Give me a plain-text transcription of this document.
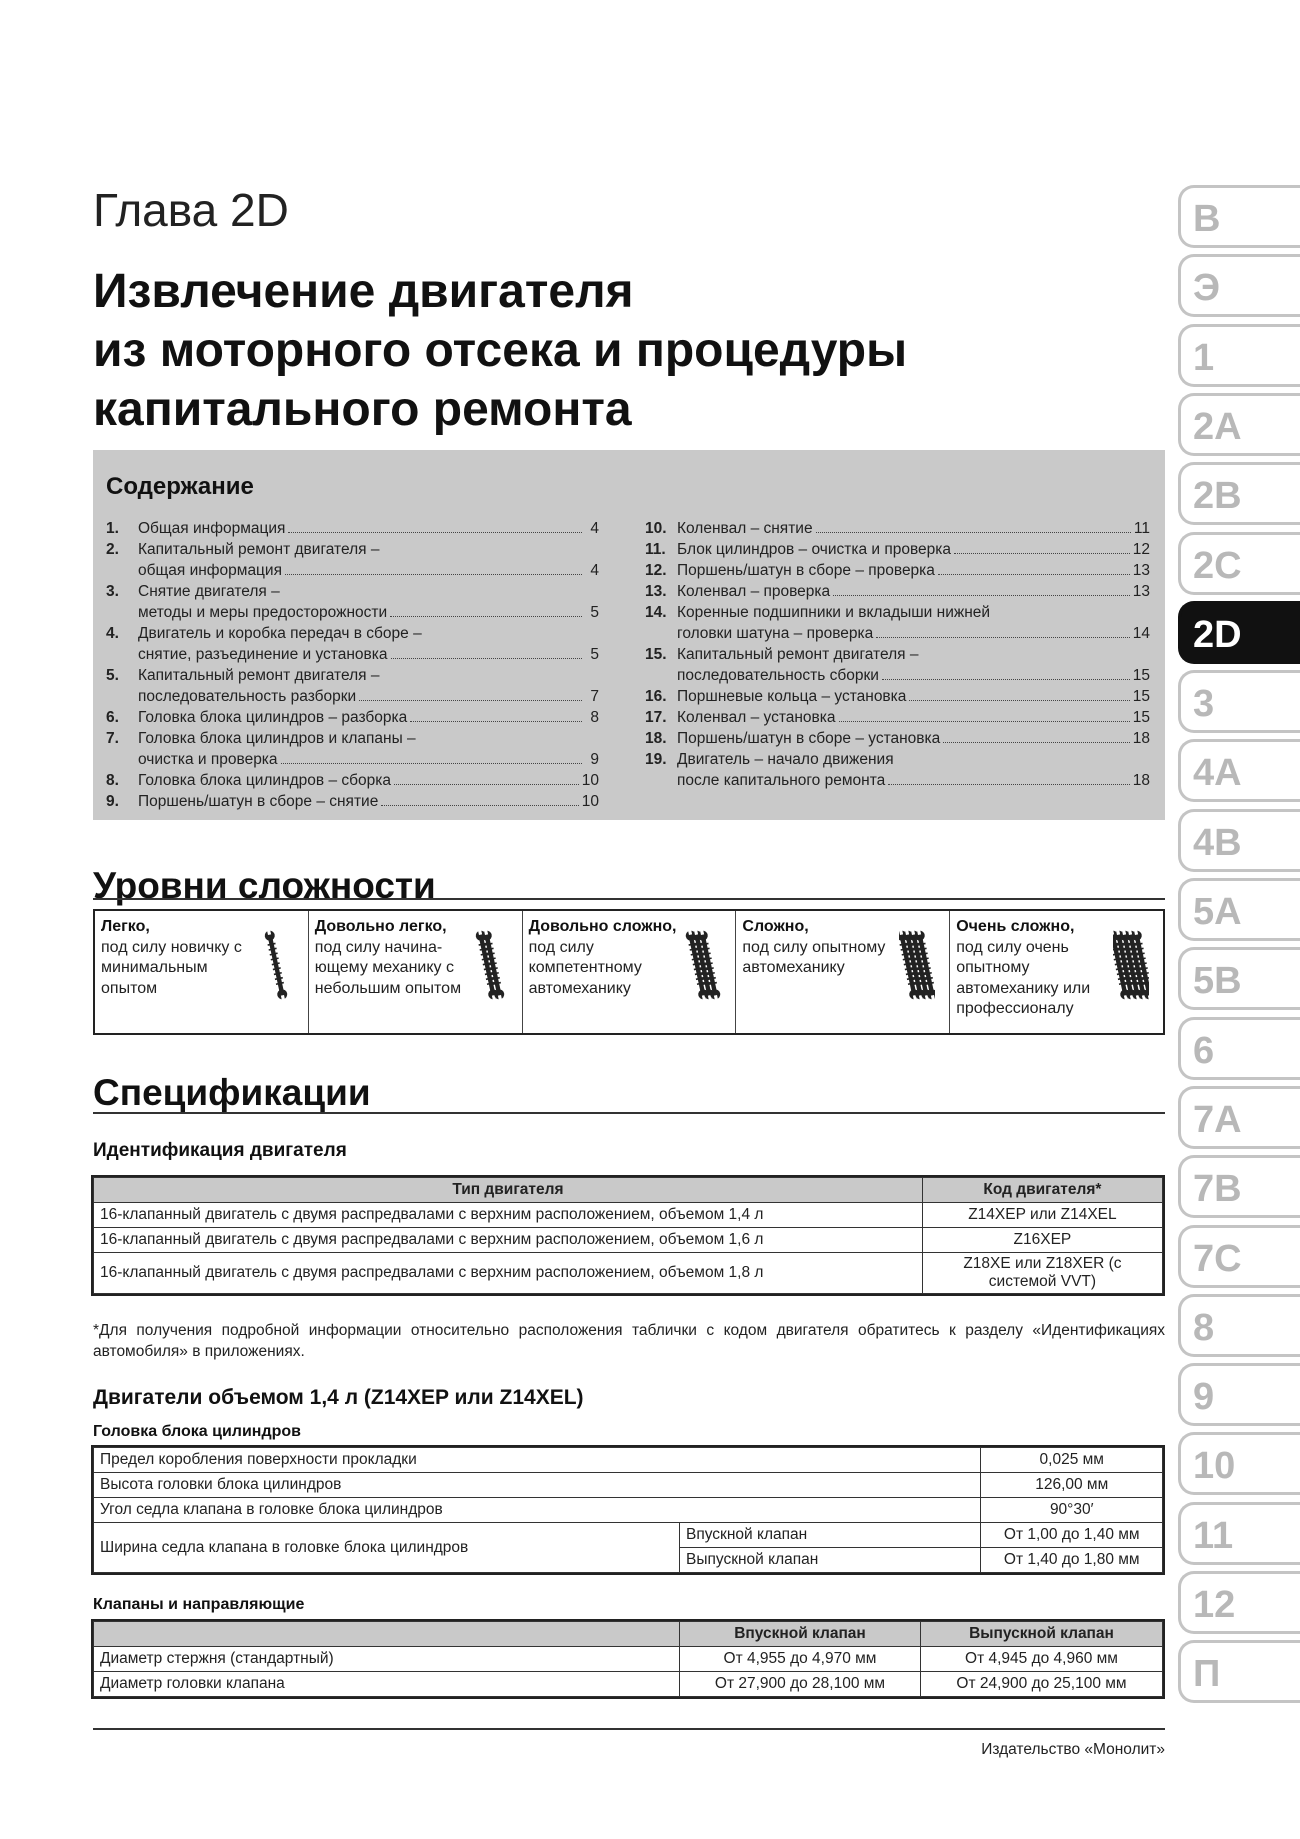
Глава 2D
Извлечение двигателя
из моторного отсека и процедуры
капитального ремонта
Содержание
1.	Общая информация	4
2.	Капитальный ремонт двигателя –
общая информация	4
3.	Снятие двигателя –
методы и меры предосторожности	5
4.	Двигатель и коробка передач в сборе –
снятие, разъединение и установка	5
5.	Капитальный ремонт двигателя –
последовательность разборки	7
6.	Головка блока цилиндров – разборка	8
7.	Головка блока цилиндров и клапаны –
очистка и проверка	9
8.	Головка блока цилиндров – сборка	10
9.	Поршень/шатун в сборе – снятие	10
10. Коленвал – снятие	11
11. Блок цилиндров – очистка и проверка	12
12. Поршень/шатун в сборе – проверка	13
13. Коленвал – проверка	13
14. Коренные подшипники и вкладыши нижней
головки шатуна – проверка	14
15. Капитальный ремонт двигателя –
последовательность сборки	15
16. Поршневые кольца – установка	15
17. Коленвал – установка	15
18. Поршень/шатун в сборе – установка	18
19. Двигатель – начало движения
после капитального ремонта	18
Уровни сложности
Легко,
под силу новичку с минимальным опытом
Довольно легко,
под силу начина-ющему механику с небольшим опытом
Довольно сложно,
под силу компетентному автомеханику
Сложно,
под силу опытному автомеханику
Очень сложно,
под силу очень опытному автомеханику или профессионалу
Спецификации
Идентификация двигателя
Тип двигателя	Код двигателя*
16-клапанный двигатель с двумя распредвалами с верхним расположением, объемом 1,4 л	Z14XEP или Z14XEL
16-клапанный двигатель с двумя распредвалами с верхним расположением, объемом 1,6 л	Z16XEP
16-клапанный двигатель с двумя распредвалами с верхним расположением, объемом 1,8 л	Z18XE или Z18XER (с системой VVT)
*Для получения подробной информации относительно расположения таблички с кодом двигателя обратитесь к разделу «Идентификациях автомобиля» в приложениях.
Двигатели объемом 1,4 л (Z14XEP или Z14XEL)
Головка блока цилиндров
Предел коробления поверхности прокладки		0,025 мм
Высота головки блока цилиндров		126,00 мм
Угол седла клапана в головке блока цилиндров		90°30′
Ширина седла клапана в головке блока цилиндров	Впускной клапан	От 1,00 до 1,40 мм
	Выпускной клапан	От 1,40 до 1,80 мм
Клапаны и направляющие
	Впускной клапан	Выпускной клапан
Диаметр стержня (стандартный)	От 4,955 до 4,970 мм	От 4,945 до 4,960 мм
Диаметр головки клапана	От 27,900 до 28,100 мм	От 24,900 до 25,100 мм
Издательство «Монолит»
В
Э
1
2A
2B
2C
2D
3
4A
4B
5A
5B
6
7A
7B
7C
8
9
10
11
12
П
